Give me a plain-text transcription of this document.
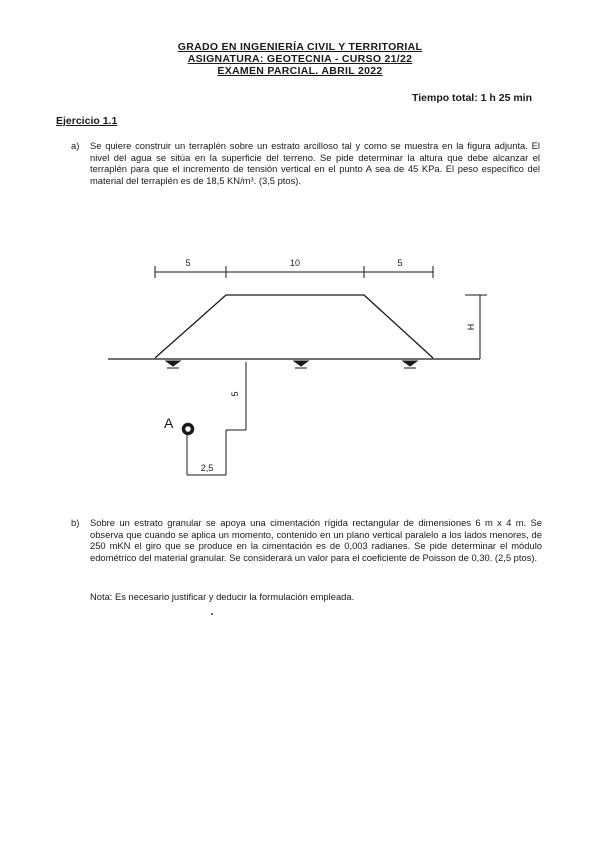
GRADO EN INGENIERÍA CIVIL Y TERRITORIAL
ASIGNATURA: GEOTECNIA - CURSO 21/22
EXAMEN PARCIAL. ABRIL 2022
Tiempo total: 1 h 25 min
Ejercicio 1.1
a) Se quiere construir un terraplén sobre un estrato arcilloso tal y como se muestra en la figura adjunta. El nivel del agua se sitúa en la superficie del terreno. Se pide determinar la altura que debe alcanzar el terraplén para que el incremento de tensión vertical en el punto A sea de 45 KPa. El peso específico del material del terraplén es de 18,5 KN/m³. (3,5 ptos).
5	10	5
H
5
2,5
A
b) Sobre un estrato granular se apoya una cimentación rígida rectangular de dimensiones 6 m x 4 m. Se observa que cuando se aplica un momento, contenido en un plano vertical paralelo a los lados menores, de 250 mKN el giro que se produce en la cimentación es de 0,003 radianes. Se pide determinar el módulo edométrico del material granular. Se considerará un valor para el coeficiente de Poisson de 0,30. (2,5 ptos).
Nota: Es necesario justificar y deducir la formulación empleada.
